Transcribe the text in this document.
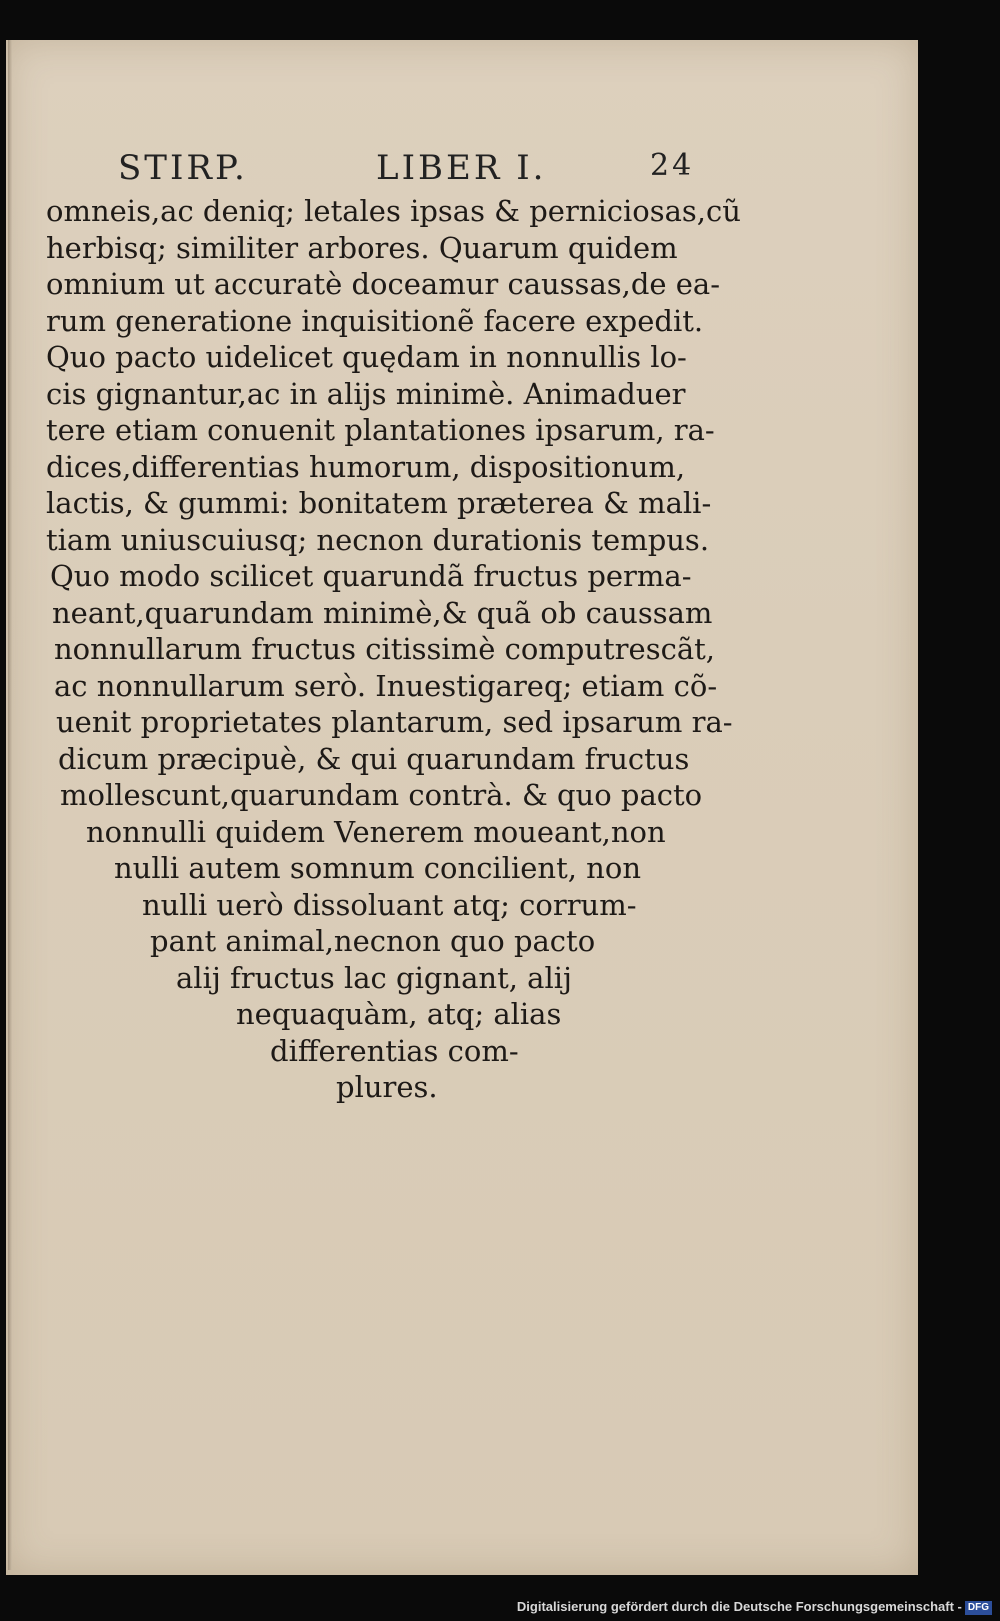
STIRP.	LIBER I.	24
omneis,ac deniq; letales ipsas & perniciosas,cũ
herbisq; similiter arbores. Quarum quidem
omnium ut accuratè doceamur caussas,de ea-
rum generatione inquisitionẽ facere expedit.
Quo pacto uidelicet quędam in nonnullis lo-
cis gignantur,ac in alijs minimè. Animaduer
tere etiam conuenit plantationes ipsarum, ra-
dices,differentias humorum, dispositionum,
lactis, & gummi: bonitatem præterea & mali-
tiam uniuscuiusq; necnon durationis tempus.
Quo modo scilicet quarundã fructus perma-
neant,quarundam minimè,& quã ob caussam
nonnullarum fructus citissimè computrescãt,
ac nonnullarum serò. Inuestigareq; etiam cõ-
uenit proprietates plantarum, sed ipsarum ra-
dicum præcipuè, & qui quarundam fructus
mollescunt,quarundam contrà. & quo pacto
nonnulli quidem Venerem moueant,non
nulli autem somnum concilient, non
nulli uerò dissoluant atq; corrum-
pant animal,necnon quo pacto
alij fructus lac gignant, alij
nequaquàm, atq; alias
differentias com-
plures.
Digitalisierung gefördert durch die Deutsche Forschungsgemeinschaft - DFG
